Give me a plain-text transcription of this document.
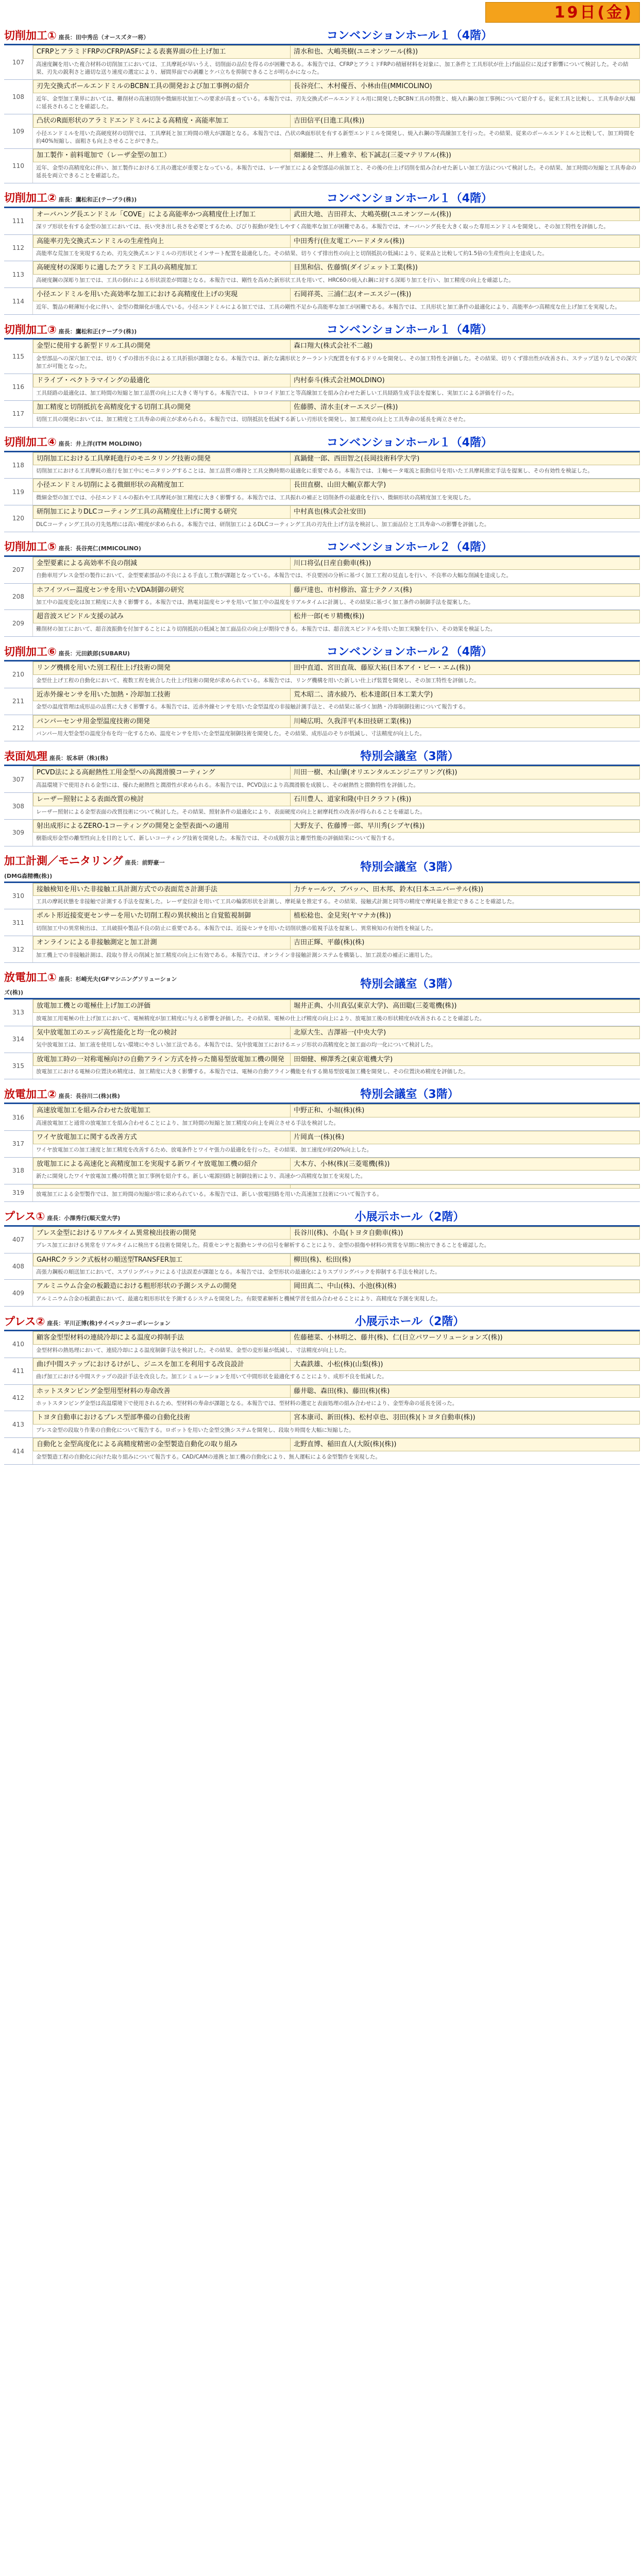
19日(金)
切削加工① 座長：田中秀岳（オースズタ一将）	コンベンションホール１（4階）
107
CFRPとアラミドFRPのCFRP/ASFによる表裏界面の仕上げ加工	清水和也、大嶋英樹(ユニオンツール(株))
高速度鋼を用いた複合材料の切削加工においては、工具摩耗が早いうえ、切削面の品位を得るのが困難である。本報告では、CFRPとアラミドFRPの積層材料を対象に、加工条件と工具形状が仕上げ面品位に及ぼす影響について検討した。その結果、刃先の鋭利さと適切な送り速度の選定により、層間界面での剥離とケバ立ちを抑制できることが明らかになった。
108
刃先交換式ボールエンドミルのBCBN工具の開発および加工事例の紹介	長谷亮仁、木村優吾、小林由佳(MMICOLINO)
近年、金型加工業界においては、難削材の高速切削や微細形状加工への要求が高まっている。本報告では、刃先交換式ボールエンドミル用に開発したBCBN工具の特徴と、焼入れ鋼の加工事例について紹介する。従来工具と比較し、工具寿命が大幅に延長されることを確認した。
109
凸状のR面形状のアラミドエンドミルによる高精度・高能率加工	吉田信平(日進工具(株))
小径エンドミルを用いた高硬度材の切削では、工具摩耗と加工時間の増大が課題となる。本報告では、凸状のR面形状を有する新型エンドミルを開発し、焼入れ鋼の等高線加工を行った。その結果、従来のボールエンドミルと比較して、加工時間を約40%短縮し、面粗さも向上させることができた。
110
加工製作・前料電加で（レーザ金型の加工）	畑瀬健二、井上雅幸、松下誠志(三菱マテリアル(株))
近年、金型の高精度化に伴い、加工製作における工具の選定が重要となっている。本報告では、レーザ加工による金型部品の前加工と、その後の仕上げ切削を組み合わせた新しい加工方法について検討した。その結果、加工時間の短縮と工具寿命の延長を両立できることを確認した。
切削加工② 座長：鷹松和正(テーブラ(株))	コンベンションホール１（4階）
111
オーバハング長エンドミル「COVE」による高能率かつ高精度仕上げ加工	武田大地、吉田祥太、大嶋英樹(ユニオンツール(株))
深リブ形状を有する金型の加工においては、長い突き出し長さを必要とするため、びびり振動が発生しやすく高能率な加工が困難である。本報告では、オーバハング長を大きく取った専用エンドミルを開発し、その加工特性を評価した。
112
高能率刃先交換式エンドミルの生産性向上	中田秀行(住友電工ハードメタル(株))
高能率な荒加工を実現するため、刃先交換式エンドミルの刃形状とインサート配置を最適化した。その結果、切りくず排出性の向上と切削抵抗の低減により、従来品と比較して約1.5倍の生産性向上を達成した。
113
高硬度材の深彫りに適したアラミド工具の高精度加工	目黒和信、佐藤慎(ダイジェット工業(株))
高硬度鋼の深彫り加工では、工具の倒れによる形状誤差が問題となる。本報告では、剛性を高めた新形状工具を用いて、HRC60の焼入れ鋼に対する深彫り加工を行い、加工精度の向上を確認した。
114
小径エンドミルを用いた高効率な加工における高精度仕上げの実現	石岡祥英、三浦仁志(オーエスジー(株))
近年、製品の軽薄短小化に伴い、金型の微細化が進んでいる。小径エンドミルによる加工では、工具の剛性不足から高能率な加工が困難である。本報告では、工具形状と加工条件の最適化により、高能率かつ高精度な仕上げ加工を実現した。
切削加工③ 座長：鷹松和正(テーブラ(株))	コンベンションホール１（4階）
115
金型に使用する新型ドリル工具の開発	森口翔大(株式会社不二越)
金型部品への深穴加工では、切りくずの排出不良による工具折損が課題となる。本報告では、新たな溝形状とクーラント穴配置を有するドリルを開発し、その加工特性を評価した。その結果、切りくず排出性が改善され、ステップ送りなしでの深穴加工が可能となった。
116
ドライブ・ペクトラマイングの最適化	内村泰斗(株式会社MOLDINO)
工具経路の最適化は、加工時間の短縮と加工品質の向上に大きく寄与する。本報告では、トロコイド加工と等高線加工を組み合わせた新しい工具経路生成手法を提案し、実加工による評価を行った。
117
加工精度と切削抵抗を高精度化する切削工具の開発	佐藤勝、清水圭(オーエスジー(株))
切削工具の開発においては、加工精度と工具寿命の両立が求められる。本報告では、切削抵抗を低減する新しい刃形状を開発し、加工精度の向上と工具寿命の延長を両立させた。
切削加工④ 座長：井上洋(ITM MOLDINO)	コンベンションホール１（4階）
118
切削加工における工具摩耗進行のモニタリング技術の開発	真鍋健一郎、西田智之(長岡技術科学大学)
切削加工における工具摩耗の進行を加工中にモニタリングすることは、加工品質の維持と工具交換時期の最適化に重要である。本報告では、主軸モータ電流と振動信号を用いた工具摩耗推定手法を提案し、その有効性を検証した。
119
小径エンドミル切削による微細形状の高精度加工	長田直樹、山田大輔(京都大学)
微細金型の加工では、小径エンドミルの振れや工具摩耗が加工精度に大きく影響する。本報告では、工具振れの補正と切削条件の最適化を行い、微細形状の高精度加工を実現した。
120
研削加工によりDLCコーティング工具の高精度仕上げに関する研究	中村真也(株式会社安田)
DLCコーティング工具の刃先処理には高い精度が求められる。本報告では、研削加工によるDLCコーティング工具の刃先仕上げ方法を検討し、加工面品位と工具寿命への影響を評価した。
切削加工⑤ 座長：長谷亮仁(MMICOLINO)	コンベンションホール２（4階）
207
金型要素による高効率不良の削減	川口将弘(日産自動車(株))
自動車用プレス金型の製作において、金型要素部品の不良による手直し工数が課題となっている。本報告では、不良要因の分析に基づく加工工程の見直しを行い、不良率の大幅な削減を達成した。
208
ホフイツバー温度センサを用いたVDA制御の研究	藤戸達也、市村修治、富士テクノス(株)
加工中の温度変化は加工精度に大きく影響する。本報告では、熱電対温度センサを用いて加工中の温度をリアルタイムに計測し、その結果に基づく加工条件の制御手法を提案した。
209
超音波スピンドル支援の試み	松井一郎(モリ精機(株))
難削材の加工において、超音波振動を付加することにより切削抵抗の低減と加工面品位の向上が期待できる。本報告では、超音波スピンドルを用いた加工実験を行い、その効果を検証した。
切削加工⑥ 座長：元田鉄郎(SUBARU)	コンベンションホール２（4階）
210
リング機構を用いた別工程仕上げ技術の開発	田中直道、宮田直哉、藤原大祐(日本アイ・ビー・エム(株))
金型仕上げ工程の自動化において、複数工程を統合した仕上げ技術の開発が求められている。本報告では、リング機構を用いた新しい仕上げ装置を開発し、その加工特性を評価した。
211
近赤外線センサを用いた加熱・冷却加工技術	荒木昭二、清水綾乃、松本達郎(日本工業大学)
金型の温度管理は成形品の品質に大きく影響する。本報告では、近赤外線センサを用いた金型温度の非接触計測手法と、その結果に基づく加熱・冷却制御技術について報告する。
212
パンパーセンサ用金型温度技術の開発	川崎広明、久我洋平(本田技研工業(株))
バンパー用大型金型の温度分布を均一化するため、温度センサを用いた金型温度制御技術を開発した。その結果、成形品のそりが低減し、寸法精度が向上した。
表面処理 座長：坂本研（株)(株)	特別会議室（3階）
307
PCVD法による高耐熱性工用金型への高潤滑膜コーティング	川田一樹、木山肇(オリエンタルエンジニアリング(株))
高温環境下で使用される金型には、優れた耐熱性と潤滑性が求められる。本報告では、PCVD法により高潤滑膜を成膜し、その耐熱性と摺動特性を評価した。
308
レーザー照射による表面改質の検討	石川豊人、道家和隆(中日クラフト(株))
レーザー照射による金型表面の改質技術について検討した。その結果、照射条件の最適化により、表面硬度の向上と耐摩耗性の改善が得られることを確認した。
309
射出成形によるZERO-1コーティングの開発と金型表面への適用	大野友子、佐藤博一郎、早川秀(シブヤ(株))
樹脂成形金型の離型性向上を目的として、新しいコーティング技術を開発した。本報告では、その成膜方法と離型性能の評価結果について報告する。
加工計測／モニタリング 座長：前野豪一(DMG森精機(株))
特別会議室（3階）
310
接触検知を用いた非接触工具計測方式での表面荒さ計測手法	力チャールツ、ブバッハ、田木邦、鈴木(日本ユニバーサル(株))
工具の摩耗状態を非接触で計測する手法を提案した。レーザ変位計を用いて工具の輪郭形状を計測し、摩耗量を推定する。その結果、接触式計測と同等の精度で摩耗量を推定できることを確認した。
311
ポルト形近接変更センサーを用いた切削工程の異状検出と自覚監視制御	植松稔也、金見実(ヤマナカ(株))
切削加工中の異常検出は、工具破損や製品不良の防止に重要である。本報告では、近接センサを用いた切削状態の監視手法を提案し、異常検知の有効性を検証した。
312
オンラインによる非接触測定と加工計測	吉田正輝、平藤(株)(株)
加工機上での非接触計測は、段取り替えの削減と加工精度の向上に有効である。本報告では、オンライン非接触計測システムを構築し、加工誤差の補正に適用した。
放電加工① 座長：杉崎光夫(GFマシニングソリューションズ(株))
特別会議室（3階）
313
放電加工機との電極仕上げ加工の評価	堀井正典、小川真弘(東京大学)、高田聡(三菱電機(株))
放電加工用電極の仕上げ加工において、電極精度が加工精度に与える影響を評価した。その結果、電極の仕上げ精度の向上により、放電加工後の形状精度が改善されることを確認した。
314
気中放電加工のエッジ高性能化と均一化の検討	北原大生、吉澤裕一(中央大学)
気中放電加工は、加工液を使用しない環境にやさしい加工法である。本報告では、気中放電加工におけるエッジ形状の高精度化と加工面の均一化について検討した。
315
放電加工時の一対称電極向けの自動アライン方式を持った簡易型放電加工機の開発	田畑健、柳澤秀之(東京電機大学)
放電加工における電極の位置決め精度は、加工精度に大きく影響する。本報告では、電極の自動アライン機能を有する簡易型放電加工機を開発し、その位置決め精度を評価した。
放電加工② 座長：長谷川二(株)(株)	特別会議室（3階）
316
高速放電加工を組み合わせた放電加工	中野正和、小堀(株)(株)
高速放電加工と通常の放電加工を組み合わせることにより、加工時間の短縮と加工精度の向上を両立させる手法を検討した。
317
ワイヤ放電加工に関する改善方式	片岡真一(株)(株)
ワイヤ放電加工の加工速度と加工精度を改善するため、放電条件とワイヤ張力の最適化を行った。その結果、加工速度が約20%向上した。
318
放電加工による高速化と高精度加工を実現する新ワイヤ放電加工機の紹介	大本方、小林(株)(三菱電機(株))
新たに開発したワイヤ放電加工機の特徴と加工事例を紹介する。新しい電源回路と制御技術により、高速かつ高精度な加工を実現した。
319	放電加工による金型製作では、加工時間の短縮が常に求められている。本報告では、新しい放電回路を用いた高速加工技術について報告する。
プレス① 座長：小澤秀行(順天堂大学)	小展示ホール（2階）
407
プレス金型におけるリアルタイム異常検出技術の開発	長谷川(株)、小島(トヨタ自動車(株))
プレス加工における異常をリアルタイムに検出する技術を開発した。荷重センサと振動センサの信号を解析することにより、金型の損傷や材料の異常を早期に検出できることを確認した。
408
GAHRCクランク式板材の順送型TRANSFER加工	柳田(株)、松田(株)
高張力鋼板の順送加工において、スプリングバックによる寸法誤差が課題となる。本報告では、金型形状の最適化によりスプリングバックを抑制する手法を検討した。
409
アルミニウム合金の板鍛造における粗形形状の予測システムの開発	岡田真二、中山(株)、小池(株)(株)
アルミニウム合金の板鍛造において、最適な粗形形状を予測するシステムを開発した。有限要素解析と機械学習を組み合わせることにより、高精度な予測を実現した。
プレス② 座長：平川正博(株)サイベックコーポレーション	小展示ホール（2階）
410
顧客金型型材料の連続冷却による温度の抑制手法	佐藤穂菜、小林明之、藤井(株)、仁(日立パワーソリューションズ(株))
金型材料の熱処理において、連続冷却による温度制御手法を検討した。その結果、金型の変形量が低減し、寸法精度が向上した。
411
曲げ中間ステップにおけるけがし、ジニスを加工を利用する改良設計	大森鉄雄、小松(株)(山梨(株))
曲げ加工における中間ステップの設計手法を改良した。加工シミュレーションを用いて中間形状を最適化することにより、成形不良を低減した。
412
ホットスタンピング金型用型材料の寿命改善	藤井聡、森田(株)、藤田(株)(株)
ホットスタンピング金型は高温環境下で使用されるため、型材料の寿命が課題となる。本報告では、型材料の選定と表面処理の組み合わせにより、金型寿命の延長を図った。
413
トヨタ自動車におけるプレス型部準備の自動化技術	宮本康司、新田(株)、松村卓也、羽田(株)(トヨタ自動車(株))
プレス金型の段取り作業の自動化について報告する。ロボットを用いた金型交換システムを開発し、段取り時間を大幅に短縮した。
414
自動化と金型高度化による高精度精密の金型製造自動化の取り組み	北野直博、稲田直人(大阪(株)(株))
金型製造工程の自動化に向けた取り組みについて報告する。CAD/CAMの連携と加工機の自動化により、無人運転による金型製作を実現した。
